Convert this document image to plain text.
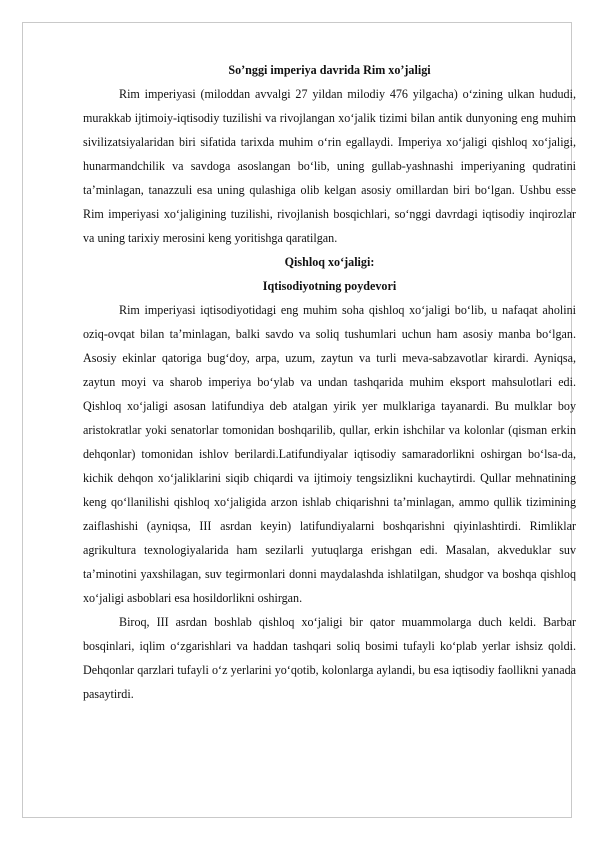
So’nggi imperiya davrida Rim xo’jaligi

Rim imperiyasi (miloddan avvalgi 27 yildan milodiy 476 yilgacha) o‘zining ulkan hududi, murakkab ijtimoiy-iqtisodiy tuzilishi va rivojlangan xo‘jalik tizimi bilan antik dunyoning eng muhim sivilizatsiyalaridan biri sifatida tarixda muhim o‘rin egallaydi. Imperiya xo‘jaligi qishloq xo‘jaligi, hunarmandchilik va savdoga asoslangan bo‘lib, uning gullab-yashnashi imperiyaning qudratini ta’minlagan, tanazzuli esa uning qulashiga olib kelgan asosiy omillardan biri bo‘lgan. Ushbu esse Rim imperiyasi xo‘jaligining tuzilishi, rivojlanish bosqichlari, so‘nggi davrdagi iqtisodiy inqirozlar va uning tarixiy merosini keng yoritishga qaratilgan.

Qishloq xo‘jaligi:
Iqtisodiyotning poydevori

Rim imperiyasi iqtisodiyotidagi eng muhim soha qishloq xo‘jaligi bo‘lib, u nafaqat aholini oziq-ovqat bilan ta’minlagan, balki savdo va soliq tushumlari uchun ham asosiy manba bo‘lgan. Asosiy ekinlar qatoriga bug‘doy, arpa, uzum, zaytun va turli meva-sabzavotlar kirardi. Ayniqsa, zaytun moyi va sharob imperiya bo‘ylab va undan tashqarida muhim eksport mahsulotlari edi. Qishloq xo‘jaligi asosan latifundiya deb atalgan yirik yer mulklariga tayanardi. Bu mulklar boy aristokratlar yoki senatorlar tomonidan boshqarilib, qullar, erkin ishchilar va kolonlar (qisman erkin dehqonlar) tomonidan ishlov berilardi.Latifundiyalar iqtisodiy samaradorlikni oshirgan bo‘lsa-da, kichik dehqon xo‘jaliklarini siqib chiqardi va ijtimoiy tengsizlikni kuchaytirdi. Qullar mehnatining keng qo‘llanilishi qishloq xo‘jaligida arzon ishlab chiqarishni ta’minlagan, ammo qullik tizimining zaiflashishi (ayniqsa, III asrdan keyin) latifundiyalarni boshqarishni qiyinlashtirdi. Rimliklar agrikultura texnologiyalarida ham sezilarli yutuqlarga erishgan edi. Masalan, akveduklar suv ta’minotini yaxshilagan, suv tegirmonlari donni maydalashda ishlatilgan, shudgor va boshqa qishloq xo‘jaligi asboblari esa hosildorlikni oshirgan.

Biroq, III asrdan boshlab qishloq xo‘jaligi bir qator muammolarga duch keldi. Barbar bosqinlari, iqlim o‘zgarishlari va haddan tashqari soliq bosimi tufayli ko‘plab yerlar ishsiz qoldi. Dehqonlar qarzlari tufayli o‘z yerlarini yo‘qotib, kolonlarga aylandi, bu esa iqtisodiy faollikni yanada pasaytirdi.
